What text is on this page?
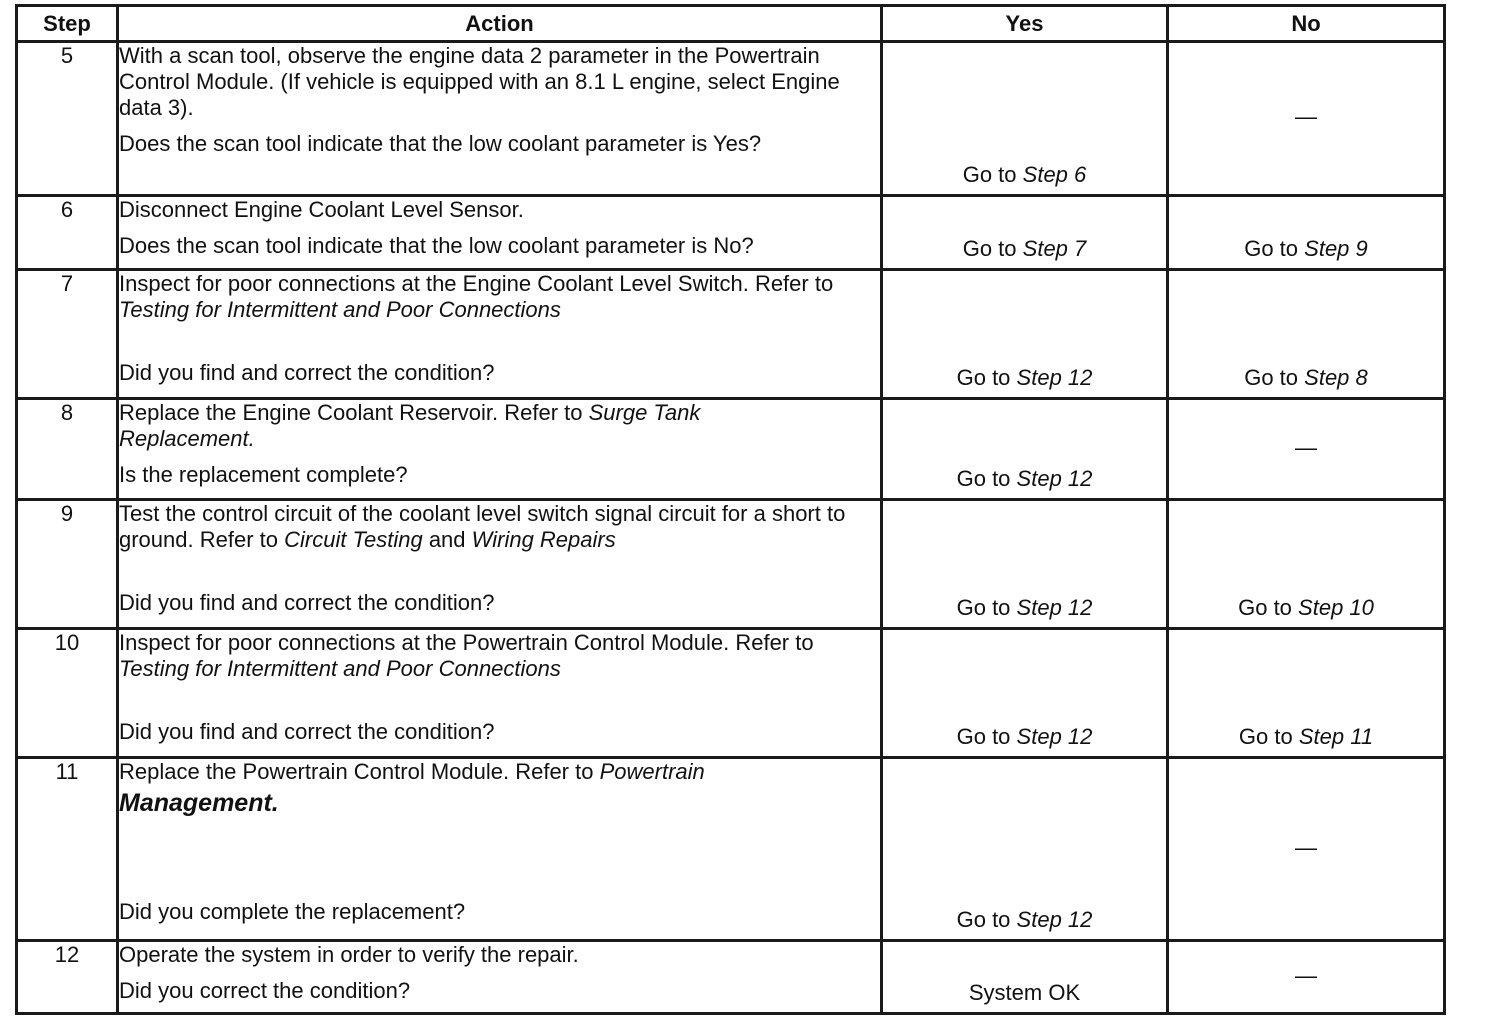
Step	Action	Yes	No
5	With a scan tool, observe the engine data 2 parameter in the Powertrain Control Module. (If vehicle is equipped with an 8.1 L engine, select Engine data 3).
Does the scan tool indicate that the low coolant parameter is Yes?	Go to Step 6	—

6	Disconnect Engine Coolant Level Sensor.
Does the scan tool indicate that the low coolant parameter is No?	Go to Step 7	Go to Step 9

7	Inspect for poor connections at the Engine Coolant Level Switch. Refer to Testing for Intermittent and Poor Connections
Did you find and correct the condition?	Go to Step 12	Go to Step 8

8	Replace the Engine Coolant Reservoir. Refer to Surge Tank Replacement.
Is the replacement complete?	Go to Step 12	—

9	Test the control circuit of the coolant level switch signal circuit for a short to ground. Refer to Circuit Testing and Wiring Repairs
Did you find and correct the condition?	Go to Step 12	Go to Step 10

10	Inspect for poor connections at the Powertrain Control Module. Refer to Testing for Intermittent and Poor Connections
Did you find and correct the condition?	Go to Step 12	Go to Step 11

11	Replace the Powertrain Control Module. Refer to Powertrain
Management.
Did you complete the replacement?	Go to Step 12	—

12	Operate the system in order to verify the repair.
Did you correct the condition?	System OK	—
